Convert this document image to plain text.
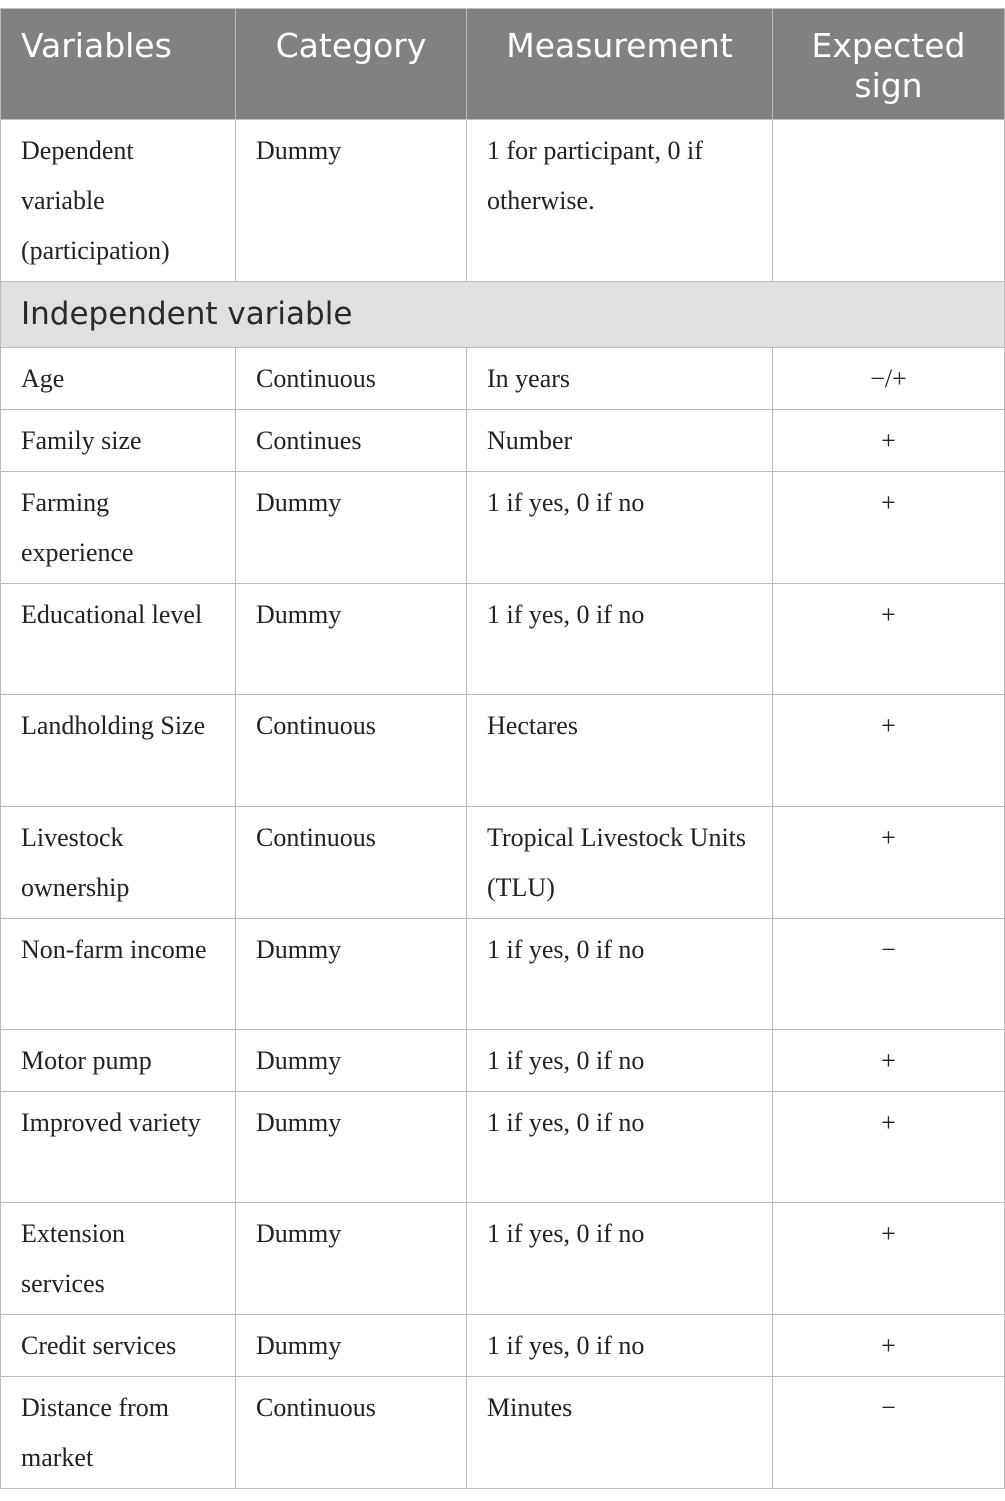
Variables	Category	Measurement	Expected sign
Dependent variable (participation)	Dummy	1 for participant, 0 if otherwise.	
Independent variable			
Age	Continuous	In years	−/+
Family size	Continues	Number	+
Farming experience	Dummy	1 if yes, 0 if no	+
Educational level	Dummy	1 if yes, 0 if no	+
Landholding Size	Continuous	Hectares	+
Livestock ownership	Continuous	Tropical Livestock Units (TLU)	+
Non-farm income	Dummy	1 if yes, 0 if no	−
Motor pump	Dummy	1 if yes, 0 if no	+
Improved variety	Dummy	1 if yes, 0 if no	+
Extension services	Dummy	1 if yes, 0 if no	+
Credit services	Dummy	1 if yes, 0 if no	+
Distance from market	Continuous	Minutes	−
